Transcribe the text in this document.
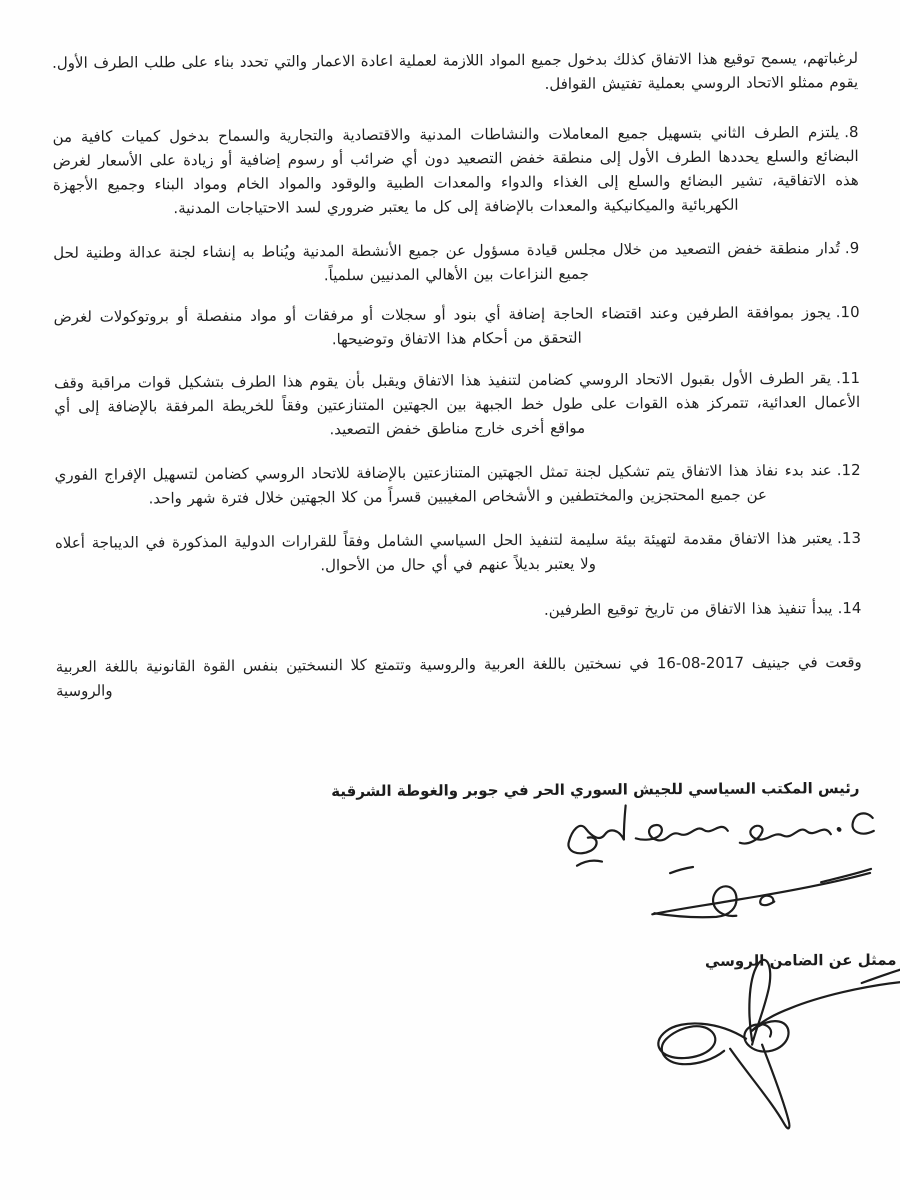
لرغباتهم، يسمح توقيع هذا الاتفاق كذلك بدخول جميع المواد اللازمة لعملية اعادة الاعمار والتي تحدد بناء على طلب الطرف الأول. يقوم ممثلو الاتحاد الروسي بعملية تفتيش القوافل.

8.يلتزم الطرف الثاني بتسهيل جميع المعاملات والنشاطات المدنية والاقتصادية والتجارية والسماح بدخول كميات كافية من البضائع والسلع يحددها الطرف الأول إلى منطقة خفض التصعيد دون أي ضرائب أو رسوم إضافية أو زيادة على الأسعار لغرض هذه الاتفاقية، تشير البضائع والسلع إلى الغذاء والدواء والمعدات الطبية والوقود والمواد الخام ومواد البناء وجميع الأجهزة الكهربائية والميكانيكية والمعدات بالإضافة إلى كل ما يعتبر ضروري لسد الاحتياجات المدنية.

9.تُدار منطقة خفض التصعيد من خلال مجلس قيادة مسؤول عن جميع الأنشطة المدنية ويُناط به إنشاء لجنة عدالة وطنية لحل جميع النزاعات بين الأهالي المدنيين سلمياً.

10.يجوز بموافقة الطرفين وعند اقتضاء الحاجة إضافة أي بنود أو سجلات أو مرفقات أو مواد منفصلة أو بروتوكولات لغرض التحقق من أحكام هذا الاتفاق وتوضيحها.

11.يقر الطرف الأول بقبول الاتحاد الروسي كضامن لتنفيذ هذا الاتفاق ويقبل بأن يقوم هذا الطرف بتشكيل قوات مراقبة وقف الأعمال العدائية، تتمركز هذه القوات على طول خط الجبهة بين الجهتين المتنازعتين وفقاً للخريطة المرفقة بالإضافة إلى أي مواقع أخرى خارج مناطق خفض التصعيد.

12.عند بدء نفاذ هذا الاتفاق يتم تشكيل لجنة تمثل الجهتين المتنازعتين بالإضافة للاتحاد الروسي كضامن لتسهيل الإفراج الفوري عن جميع المحتجزين والمختطفين و الأشخاص المغيبين قسراً من كلا الجهتين خلال فترة شهر واحد.

13.يعتبر هذا الاتفاق مقدمة لتهيئة بيئة سليمة لتنفيذ الحل السياسي الشامل وفقاً للقرارات الدولية المذكورة في الديباجة أعلاه ولا يعتبر بديلاً عنهم في أي حال من الأحوال.

14.يبدأ تنفيذ هذا الاتفاق من تاريخ توقيع الطرفين.

وقعت في جينيف 2017-08-16 في نسختين باللغة العربية والروسية وتتمتع كلا النسختين بنفس القوة القانونية باللغة العربية والروسية

رئيس المكتب السياسي للجيش السوري الحر في جوبر والغوطة الشرقية
ممثل عن الضامن الروسي
